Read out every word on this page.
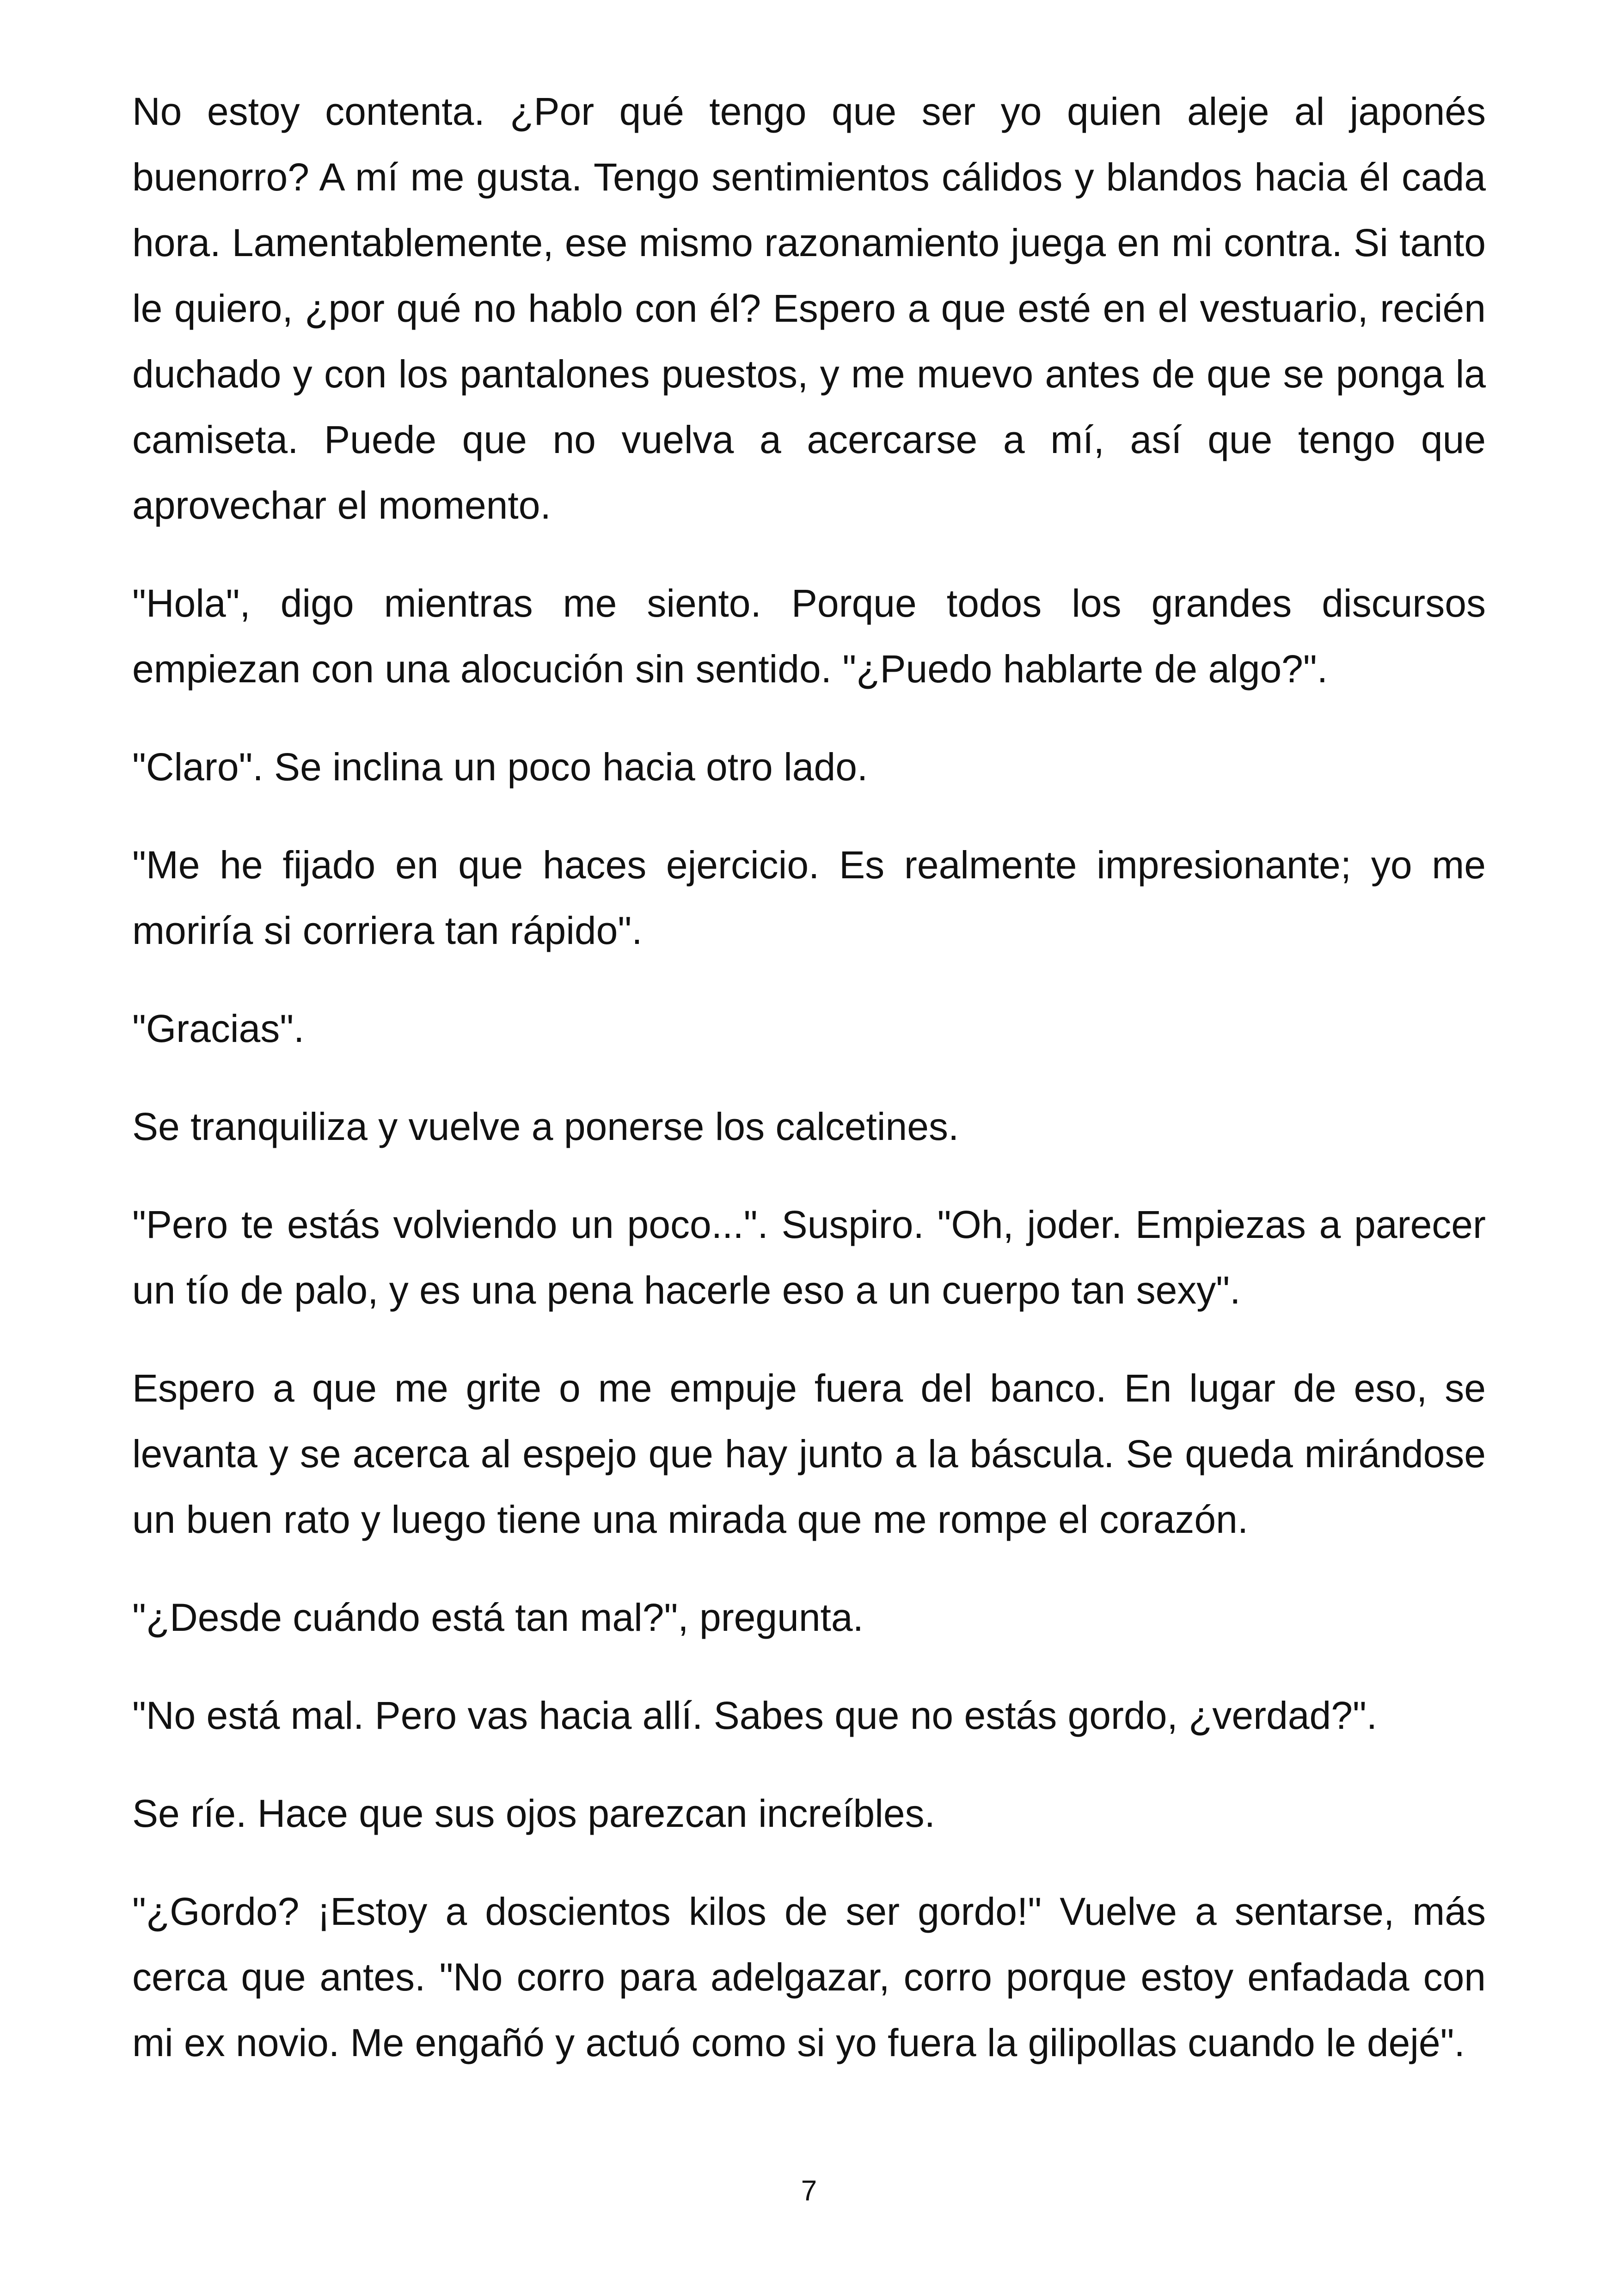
No estoy contenta. ¿Por qué tengo que ser yo quien aleje al japonés buenorro? A mí me gusta. Tengo sentimientos cálidos y blandos hacia él cada hora. Lamentablemente, ese mismo razonamiento juega en mi contra. Si tanto le quiero, ¿por qué no hablo con él? Espero a que esté en el vestuario, recién duchado y con los pantalones puestos, y me muevo antes de que se ponga la camiseta. Puede que no vuelva a acercarse a mí, así que tengo que aprovechar el momento.

"Hola", digo mientras me siento. Porque todos los grandes discursos empiezan con una alocución sin sentido. "¿Puedo hablarte de algo?".

"Claro". Se inclina un poco hacia otro lado.

"Me he fijado en que haces ejercicio. Es realmente impresionante; yo me moriría si corriera tan rápido".

"Gracias".

Se tranquiliza y vuelve a ponerse los calcetines.

"Pero te estás volviendo un poco...". Suspiro. "Oh, joder. Empiezas a parecer un tío de palo, y es una pena hacerle eso a un cuerpo tan sexy".

Espero a que me grite o me empuje fuera del banco. En lugar de eso, se levanta y se acerca al espejo que hay junto a la báscula. Se queda mirándose un buen rato y luego tiene una mirada que me rompe el corazón.

"¿Desde cuándo está tan mal?", pregunta.

"No está mal. Pero vas hacia allí. Sabes que no estás gordo, ¿verdad?".

Se ríe. Hace que sus ojos parezcan increíbles.

"¿Gordo? ¡Estoy a doscientos kilos de ser gordo!" Vuelve a sentarse, más cerca que antes. "No corro para adelgazar, corro porque estoy enfadada con mi ex novio. Me engañó y actuó como si yo fuera la gilipollas cuando le dejé".

7
